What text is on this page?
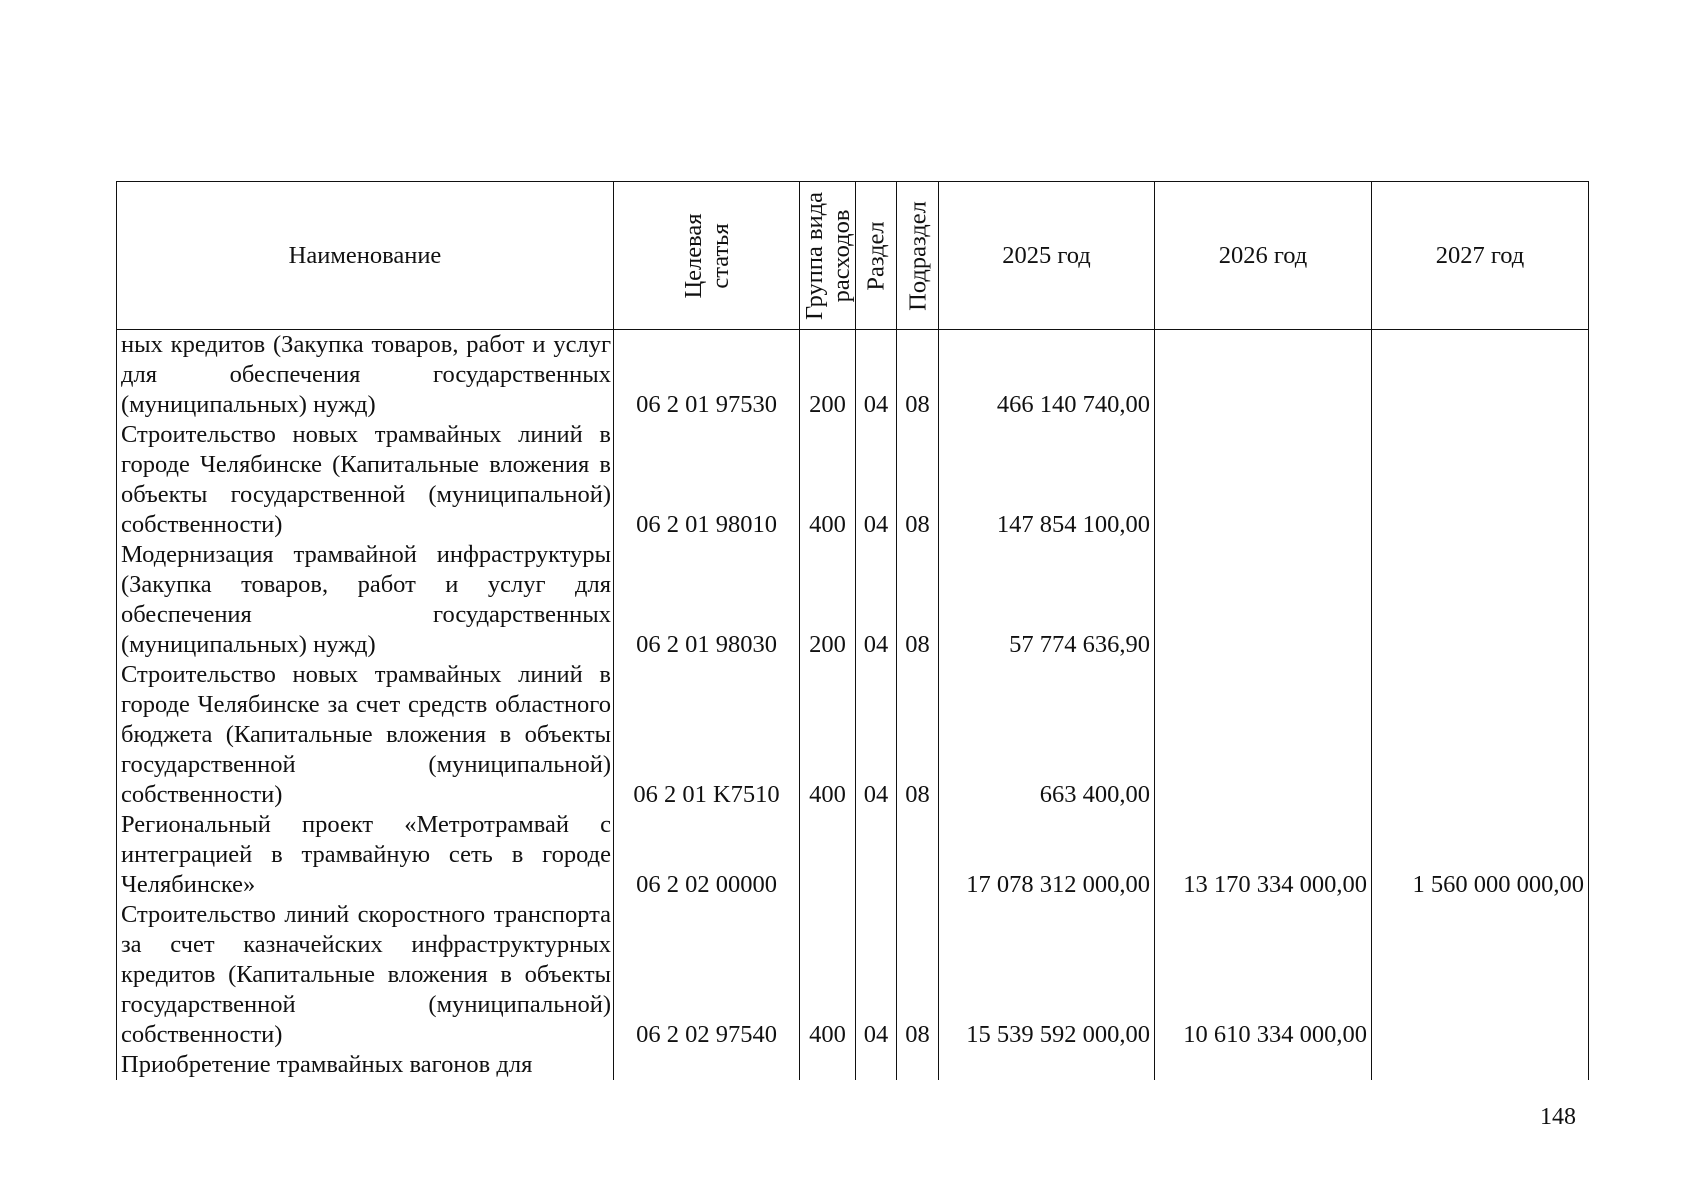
Наименование	Целевая статья	Группа вида расходов	Раздел	Подраздел	2025 год	2026 год	2027 год
ных кредитов (Закупка товаров, работ и услуг для обеспечения государственных (муниципальных) нужд)	06 2 01 97530	200	04	08	466 140 740,00		
Строительство новых трамвайных линий в городе Челябинске (Капитальные вложения в объекты государственной (муниципальной) собственности)	06 2 01 98010	400	04	08	147 854 100,00		
Модернизация трамвайной инфраструктуры (Закупка товаров, работ и услуг для обеспечения государственных (муниципальных) нужд)	06 2 01 98030	200	04	08	57 774 636,90		
Строительство новых трамвайных линий в городе Челябинске за счет средств областного бюджета (Капитальные вложения в объекты государственной (муниципальной) собственности)	06 2 01 K7510	400	04	08	663 400,00		
Региональный проект «Метротрамвай с интеграцией в трамвайную сеть в городе Челябинске»	06 2 02 00000				17 078 312 000,00	13 170 334 000,00	1 560 000 000,00
Строительство линий скоростного транспорта за счет казначейских инфраструктурных кредитов (Капитальные вложения в объекты государственной (муниципальной) собственности)	06 2 02 97540	400	04	08	15 539 592 000,00	10 610 334 000,00	
Приобретение трамвайных вагонов для							
148
